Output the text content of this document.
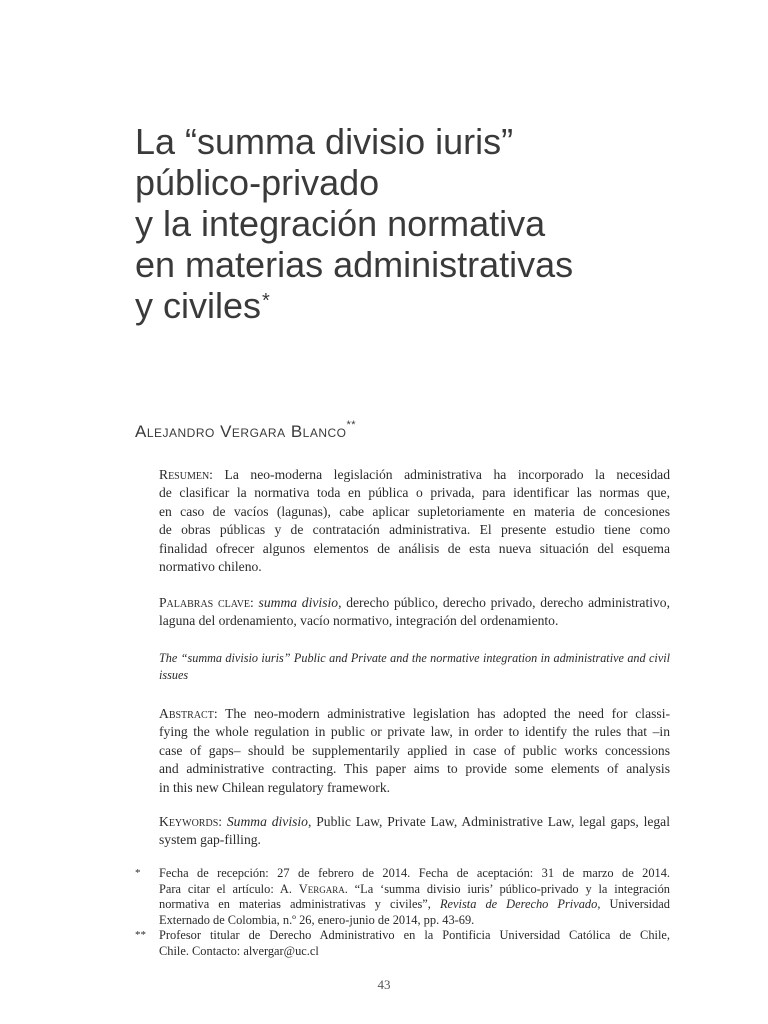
La “summa divisio iuris”
público-privado
y la integración normativa
en materias administrativas
y civiles*
Alejandro Vergara Blanco**
Resumen: La neo-moderna legislación administrativa ha incorporado la necesidad
de clasificar la normativa toda en pública o privada, para identificar las normas que,
en caso de vacíos (lagunas), cabe aplicar supletoriamente en materia de concesiones
de obras públicas y de contratación administrativa. El presente estudio tiene como
finalidad ofrecer algunos elementos de análisis de esta nueva situación del esquema
normativo chileno.
Palabras clave: summa divisio, derecho público, derecho privado, derecho administrativo,
laguna del ordenamiento, vacío normativo, integración del ordenamiento.
The “summa divisio iuris” Public and Private and the normative integration in administrative and civil
issues
Abstract: The neo-modern administrative legislation has adopted the need for classi-
fying the whole regulation in public or private law, in order to identify the rules that –in
case of gaps– should be supplementarily applied in case of public works concessions
and administrative contracting. This paper aims to provide some elements of analysis
in this new Chilean regulatory framework.
Keywords: Summa divisio, Public Law, Private Law, Administrative Law, legal gaps, legal
system gap-filling.
* Fecha de recepción: 27 de febrero de 2014. Fecha de aceptación: 31 de marzo de 2014.
Para citar el artículo: A. Vergara. “La ‘summa divisio iuris’ público-privado y la integración
normativa en materias administrativas y civiles”, Revista de Derecho Privado, Universidad
Externado de Colombia, n.º 26, enero-junio de 2014, pp. 43-69.
** Profesor titular de Derecho Administrativo en la Pontificia Universidad Católica de Chile,
Chile. Contacto: alvergar@uc.cl
43
